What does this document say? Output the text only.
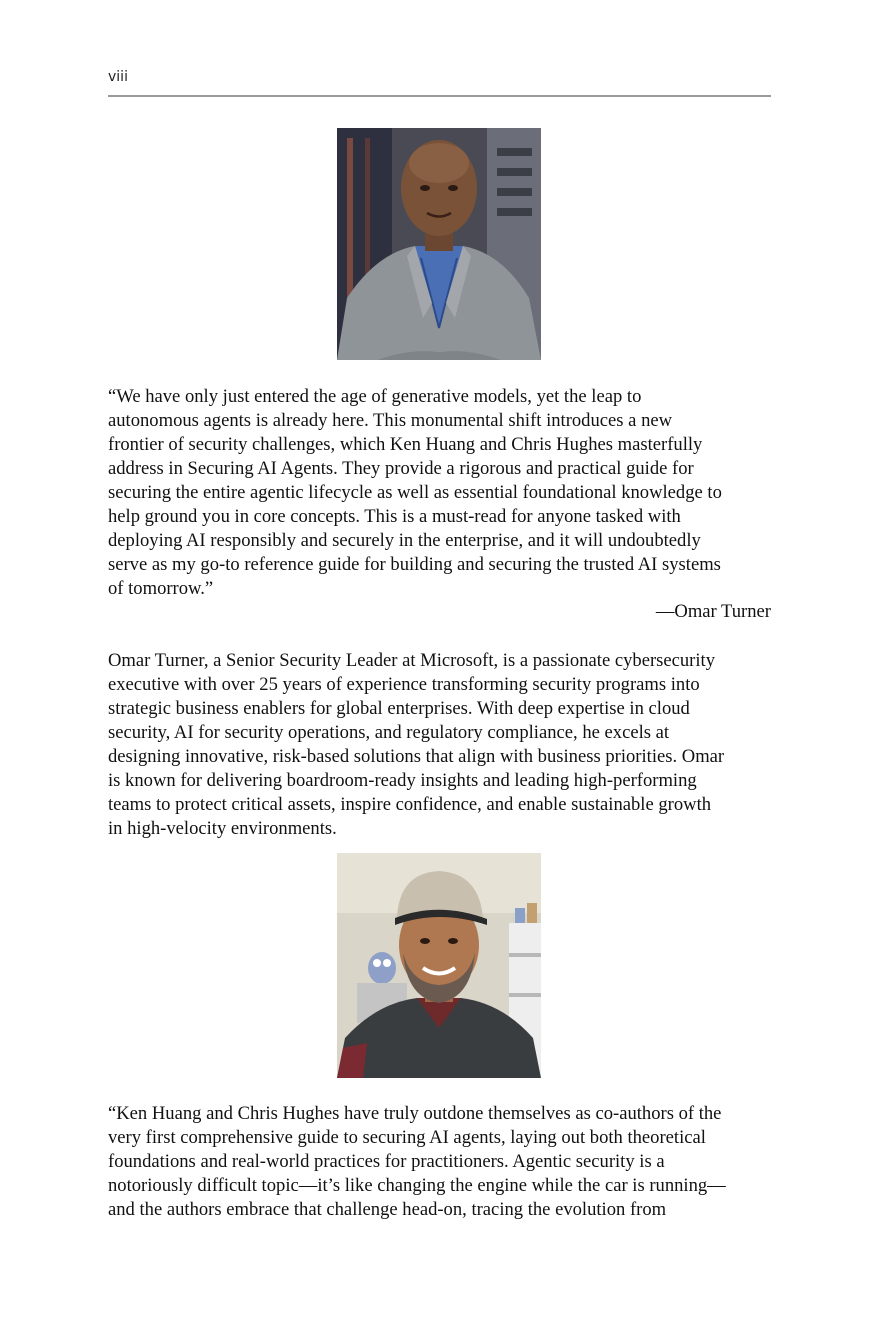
viii
“We have only just entered the age of generative models, yet the leap to
autonomous agents is already here. This monumental shift introduces a new
frontier of security challenges, which Ken Huang and Chris Hughes masterfully
address in Securing AI Agents. They provide a rigorous and practical guide for
securing the entire agentic lifecycle as well as essential foundational knowledge to
help ground you in core concepts. This is a must-read for anyone tasked with
deploying AI responsibly and securely in the enterprise, and it will undoubtedly
serve as my go-to reference guide for building and securing the trusted AI systems
of tomorrow.”
—Omar Turner
Omar Turner, a Senior Security Leader at Microsoft, is a passionate cybersecurity
executive with over 25 years of experience transforming security programs into
strategic business enablers for global enterprises. With deep expertise in cloud
security, AI for security operations, and regulatory compliance, he excels at
designing innovative, risk-based solutions that align with business priorities. Omar
is known for delivering boardroom-ready insights and leading high-performing
teams to protect critical assets, inspire confidence, and enable sustainable growth
in high-velocity environments.
“Ken Huang and Chris Hughes have truly outdone themselves as co-authors of the
very first comprehensive guide to securing AI agents, laying out both theoretical
foundations and real-world practices for practitioners. Agentic security is a
notoriously difficult topic—it’s like changing the engine while the car is running—
and the authors embrace that challenge head-on, tracing the evolution from
